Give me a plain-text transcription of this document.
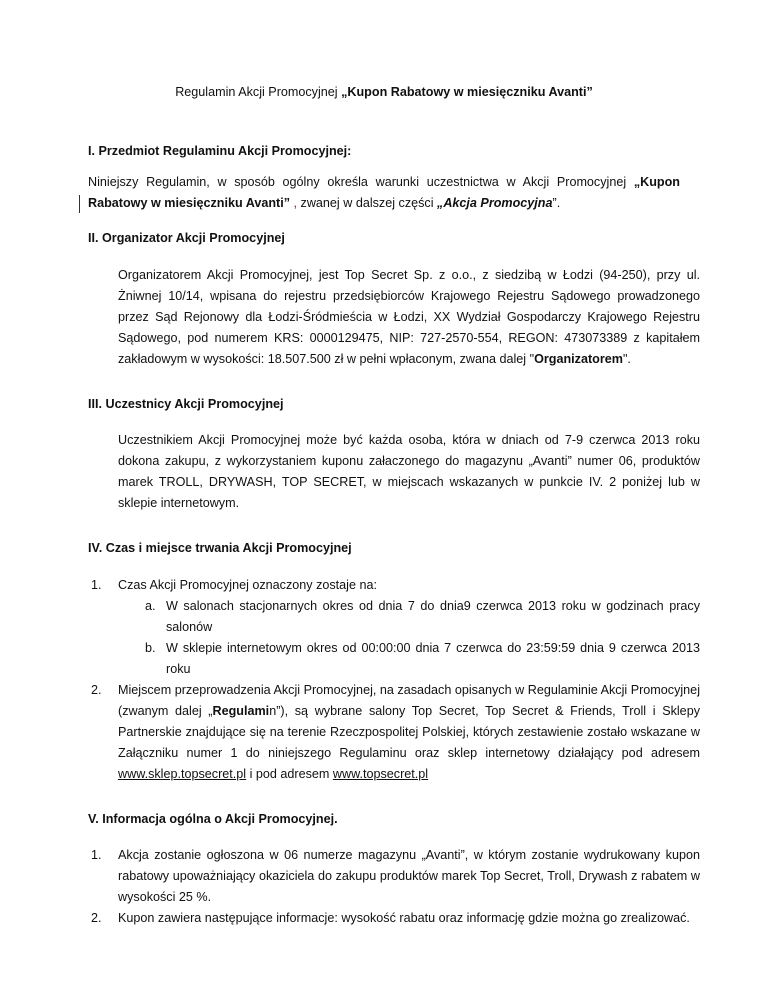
Regulamin Akcji Promocyjnej „Kupon Rabatowy w miesięczniku Avanti”
I. Przedmiot Regulaminu Akcji Promocyjnej:
Niniejszy Regulamin, w sposób ogólny określa warunki uczestnictwa w Akcji Promocyjnej „Kupon Rabatowy w miesięczniku Avanti” , zwanej w dalszej części „Akcja Promocyjna”.
II. Organizator Akcji Promocyjnej
Organizatorem Akcji Promocyjnej, jest Top Secret Sp. z o.o., z siedzibą w Łodzi (94-250), przy ul. Żniwnej 10/14, wpisana do rejestru przedsiębiorców Krajowego Rejestru Sądowego prowadzonego przez Sąd Rejonowy dla Łodzi-Śródmieścia w Łodzi, XX Wydział Gospodarczy Krajowego Rejestru Sądowego, pod numerem KRS: 0000129475, NIP: 727-2570-554, REGON: 473073389 z kapitałem zakładowym w wysokości: 18.507.500 zł w pełni wpłaconym, zwana dalej "Organizatorem".
III. Uczestnicy Akcji Promocyjnej
Uczestnikiem Akcji Promocyjnej może być każda osoba, która w dniach od 7-9 czerwca 2013 roku dokona zakupu, z wykorzystaniem kuponu załaczonego do magazynu „Avanti” numer 06, produktów marek TROLL, DRYWASH, TOP SECRET, w miejscach wskazanych w punkcie IV. 2 poniżej lub w sklepie internetowym.
IV. Czas i miejsce trwania Akcji Promocyjnej
1. Czas Akcji Promocyjnej oznaczony zostaje na:
a. W salonach stacjonarnych okres od dnia 7 do dnia9 czerwca 2013 roku w godzinach pracy salonów
b. W sklepie internetowym okres od 00:00:00 dnia 7 czerwca do 23:59:59 dnia 9 czerwca 2013 roku
2. Miejscem przeprowadzenia Akcji Promocyjnej, na zasadach opisanych w Regulaminie Akcji Promocyjnej (zwanym dalej „Regulamin”), są wybrane salony Top Secret, Top Secret & Friends, Troll i Sklepy Partnerskie znajdujące się na terenie Rzeczpospolitej Polskiej, których zestawienie zostało wskazane w Załączniku numer 1 do niniejszego Regulaminu oraz sklep internetowy działający pod adresem www.sklep.topsecret.pl i pod adresem www.topsecret.pl
V. Informacja ogólna o Akcji Promocyjnej.
1. Akcja zostanie ogłoszona w 06 numerze magazynu „Avanti”, w którym zostanie wydrukowany kupon rabatowy upoważniający okaziciela do zakupu produktów marek Top Secret, Troll, Drywash z rabatem w wysokości 25 %.
2. Kupon zawiera następujące informacje: wysokość rabatu oraz informację gdzie można go zrealizować.
